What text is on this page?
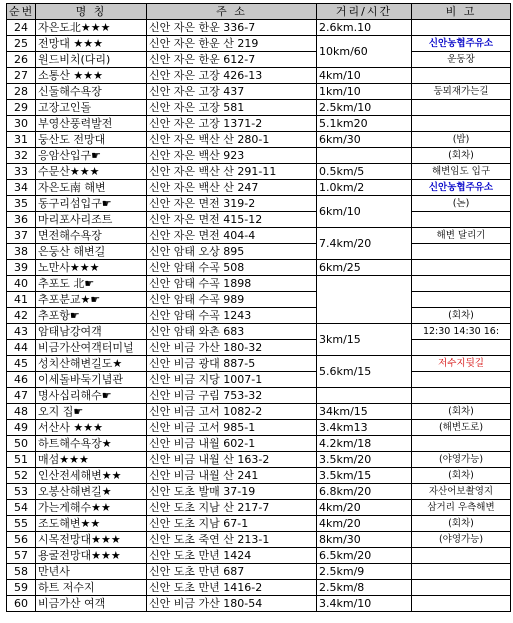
순번	명 칭	주 소	거리/시간	비 고
24	자은도北★★★	신안 자은 한운 336-7	2.6km.10	
25	전망대 ★★★	신안 자은 한운 산 219	10km/60	신안농협주유소
26	원드비치(다리)	신안 자은 한운 612-7		운동장
27	소통산 ★★★	신안 자은 고장 426-13	4km/10	
28	신둘해수욕장	신안 자은 고장 437	1km/10	둥뫼재가는길
29	고장고인돌	신안 자은 고장 581	2.5km/10	
30	부영산풍력발전	신안 자은 고장 1371-2	5.1km20	
31	둥산도 전망대	신안 자은 백산 산 280-1	6km/30	(밥)
32	응암산입구☛	신안 자은 백산 923		(회차)
33	수문산★★★	신안 자은 백산 산 291-11	0.5km/5	해변임도 입구
34	자은도南 해변	신안 자은 백산 산 247	1.0km/2	신안농협주유소
35	동구리섬입구☛	신안 자은 면전 319-2	6km/10	(논)
36	마리포사리조트	신안 자은 면전 415-12		
37	면전해수욕장	신안 자은 면전 404-4	7.4km/20	해변 달리기
38	은둥산 해변길	신안 암태 오상 895		
39	노만사★★★	신안 암태 수곡 508	6km/25	
40	추포도 北☛	신안 암태 수곡 1898		
41	추포분교★☛	신안 암태 수곡 989		
42	추포항☛	신안 암태 수곡 1243		(회차)
43	암태남강여객	신안 암태 와촌 683	3km/15	12:30 14:30 16:
44	비금가산여객터미널	신안 비금 가산 180-32		
45	성치산해변길도★	신안 비금 광대 887-5	5.6km/15	저수지뒷길
46	이세돌바둑기념관	신안 비금 지당 1007-1		
47	명사십리해수☛	신안 비금 구림 753-32		
48	오지 집☛	신안 비금 고서 1082-2	34km/15	(회차)
49	서산사 ★★★	신안 비금 고서 985-1	3.4km13	(해변도로)
50	하트해수욕장★	신안 비금 내월 602-1	4.2km/18	
51	매섬★★★	신안 비금 내월 산 163-2	3.5km/20	(야영가능)
52	인산전세해변★★	신안 비금 내월 산 241	3.5km/15	(회차)
53	오봉산해변길★	신안 도초 발매 37-19	6.8km/20	자산어보촬영지
54	가는게해수★★	신안 도초 지남 산 217-7	4km/20	삼거리 우측해변
55	조도해변★★	신안 도초 지남 67-1	4km/20	(회차)
56	시목전망대★★★	신안 도초 죽연 산 213-1	8km/30	(야영가능)
57	용굴전망대★★★	신안 도초 만년 1424	6.5km/20	
58	만년사	신안 도초 만년 687	2.5km/9	
59	하트 저수지	신안 도초 만년 1416-2	2.5km/8	
60	비금가산 여객	신안 비금 가산 180-54	3.4km/10	
